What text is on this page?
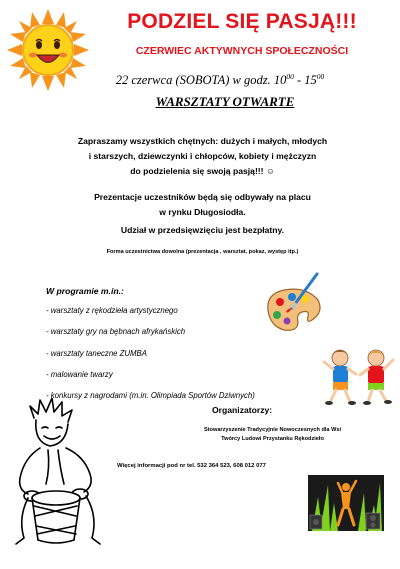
PODZIEL SIĘ PASJĄ!!!
CZERWIEC AKTYWNYCH SPOŁECZNOŚCI
22 czerwca (SOBOTA) w godz. $10^{00} - 15^{00}$
WARSZTATY OTWARTE
Zapraszamy wszystkich chętnych: dużych i małych, młodych
i starszych, dziewczynki i chłopców, kobiety i mężczyzn
do podzielenia się swoją pasją!!! ☺
Prezentacje uczestników będą się odbywały na placu
w rynku Długosiodła.
Udział w przedsięwzięciu jest bezpłatny.
Forma uczestnictwa dowolna (prezentacja , warsztat, pokaz, występ itp.)
W programie m.in.:
- warsztaty z rękodzieła artystycznego
- warsztaty gry na bębnach afrykańskich
- warsztaty taneczne ZUMBA
- malowanie twarzy
- konkursy z nagrodami (m.in. Olimpiada Sportów Dziwnych)
Organizatorzy:
Stowarzyszenie Tradycyjnie Nowoczesnych dla Wsi
Twórcy Ludowi Przystanku Rękodzieło
Więcej informacji pod nr tel. 532 364 523, 608 012 077
